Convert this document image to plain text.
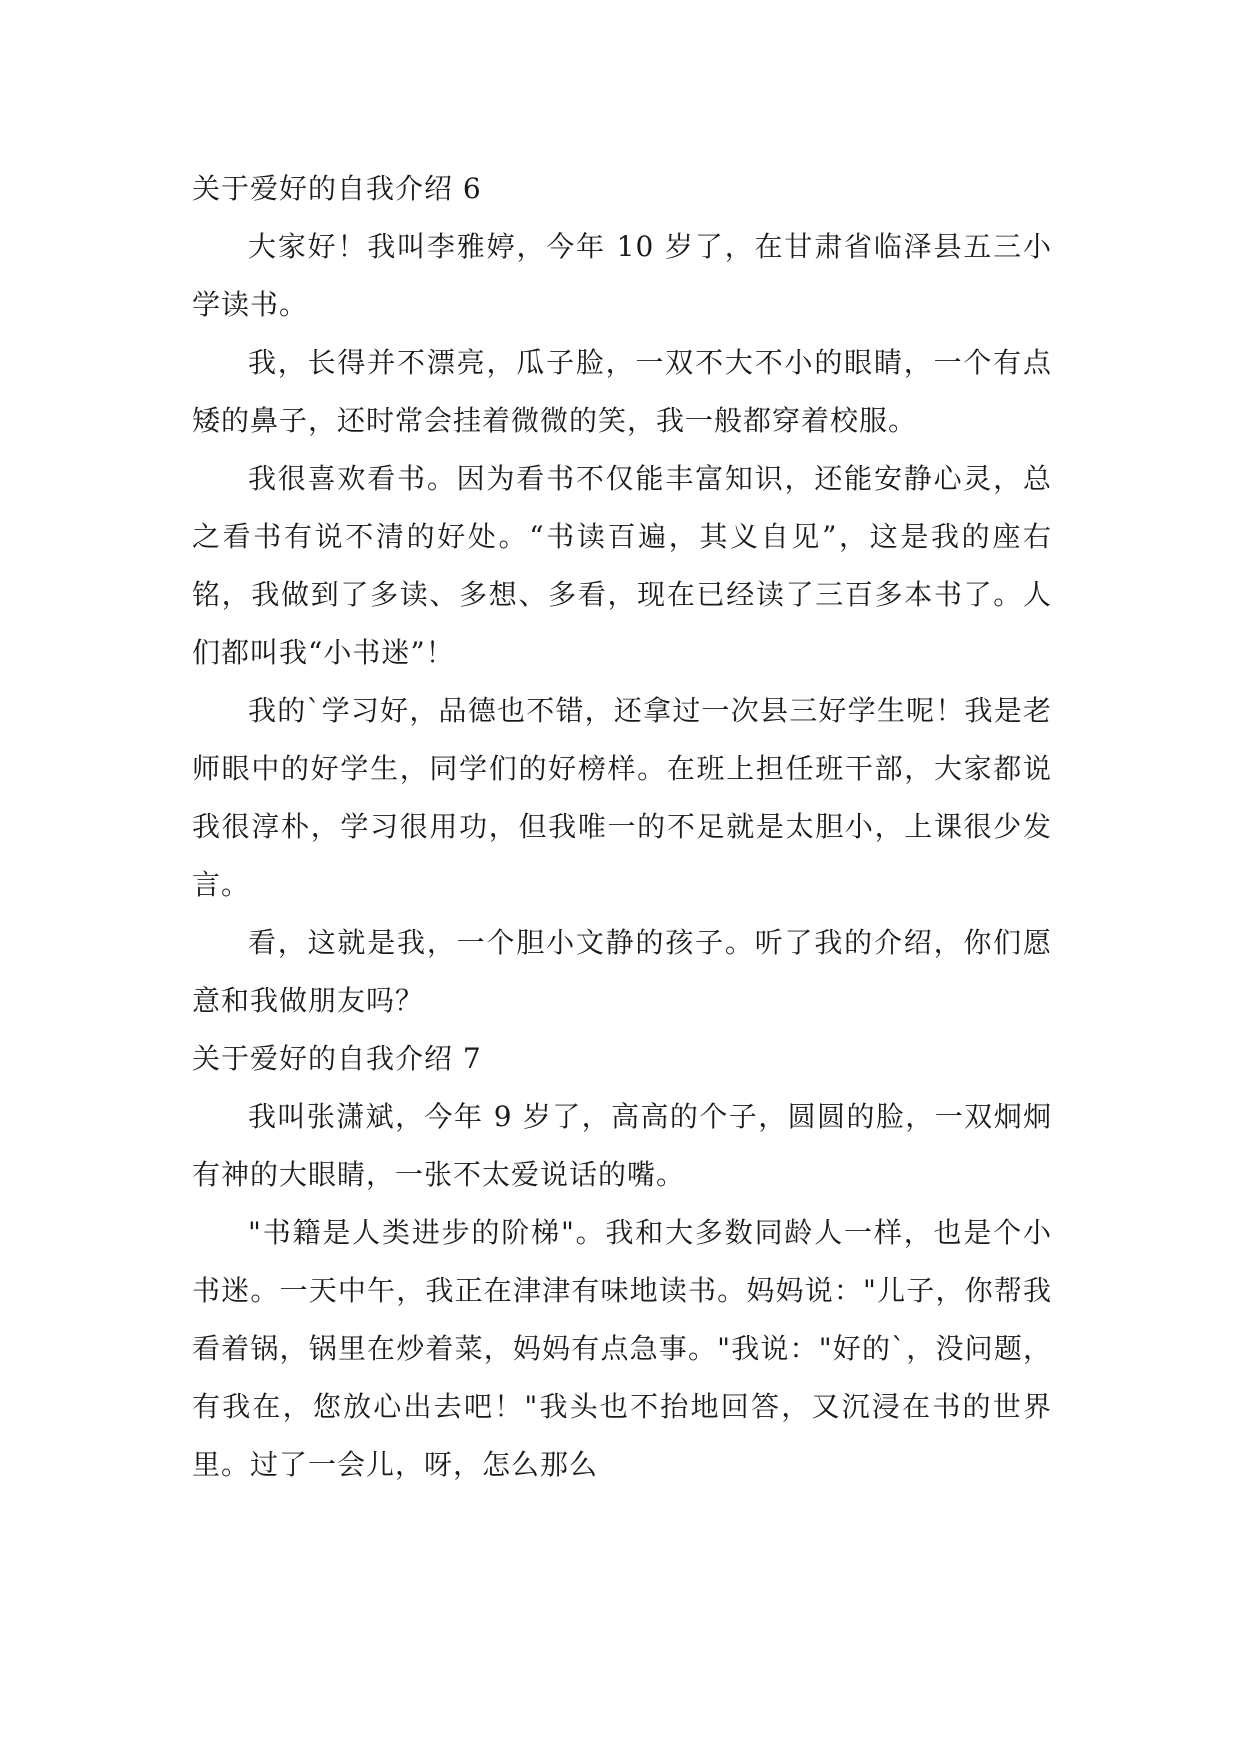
关于爱好的自我介绍 6

大家好！我叫李雅婷，今年 10 岁了，在甘肃省临泽县五三小学读书。

我，长得并不漂亮，瓜子脸，一双不大不小的眼睛，一个有点矮的鼻子，还时常会挂着微微的笑，我一般都穿着校服。

我很喜欢看书。因为看书不仅能丰富知识，还能安静心灵，总之看书有说不清的好处。“书读百遍，其义自见”，这是我的座右铭，我做到了多读、多想、多看，现在已经读了三百多本书了。人们都叫我“小书迷”！

我的`学习好，品德也不错，还拿过一次县三好学生呢！我是老师眼中的好学生，同学们的好榜样。在班上担任班干部，大家都说我很淳朴，学习很用功，但我唯一的不足就是太胆小，上课很少发言。

看，这就是我，一个胆小文静的孩子。听了我的介绍，你们愿意和我做朋友吗？

关于爱好的自我介绍 7

我叫张潇斌，今年 9 岁了，高高的个子，圆圆的脸，一双炯炯有神的大眼睛，一张不太爱说话的嘴。

"书籍是人类进步的阶梯"。我和大多数同龄人一样，也是个小书迷。一天中午，我正在津津有味地读书。妈妈说："儿子，你帮我看着锅，锅里在炒着菜，妈妈有点急事。"我说："好的`，没问题，有我在，您放心出去吧！"我头也不抬地回答，又沉浸在书的世界里。过了一会儿，呀，怎么那么
